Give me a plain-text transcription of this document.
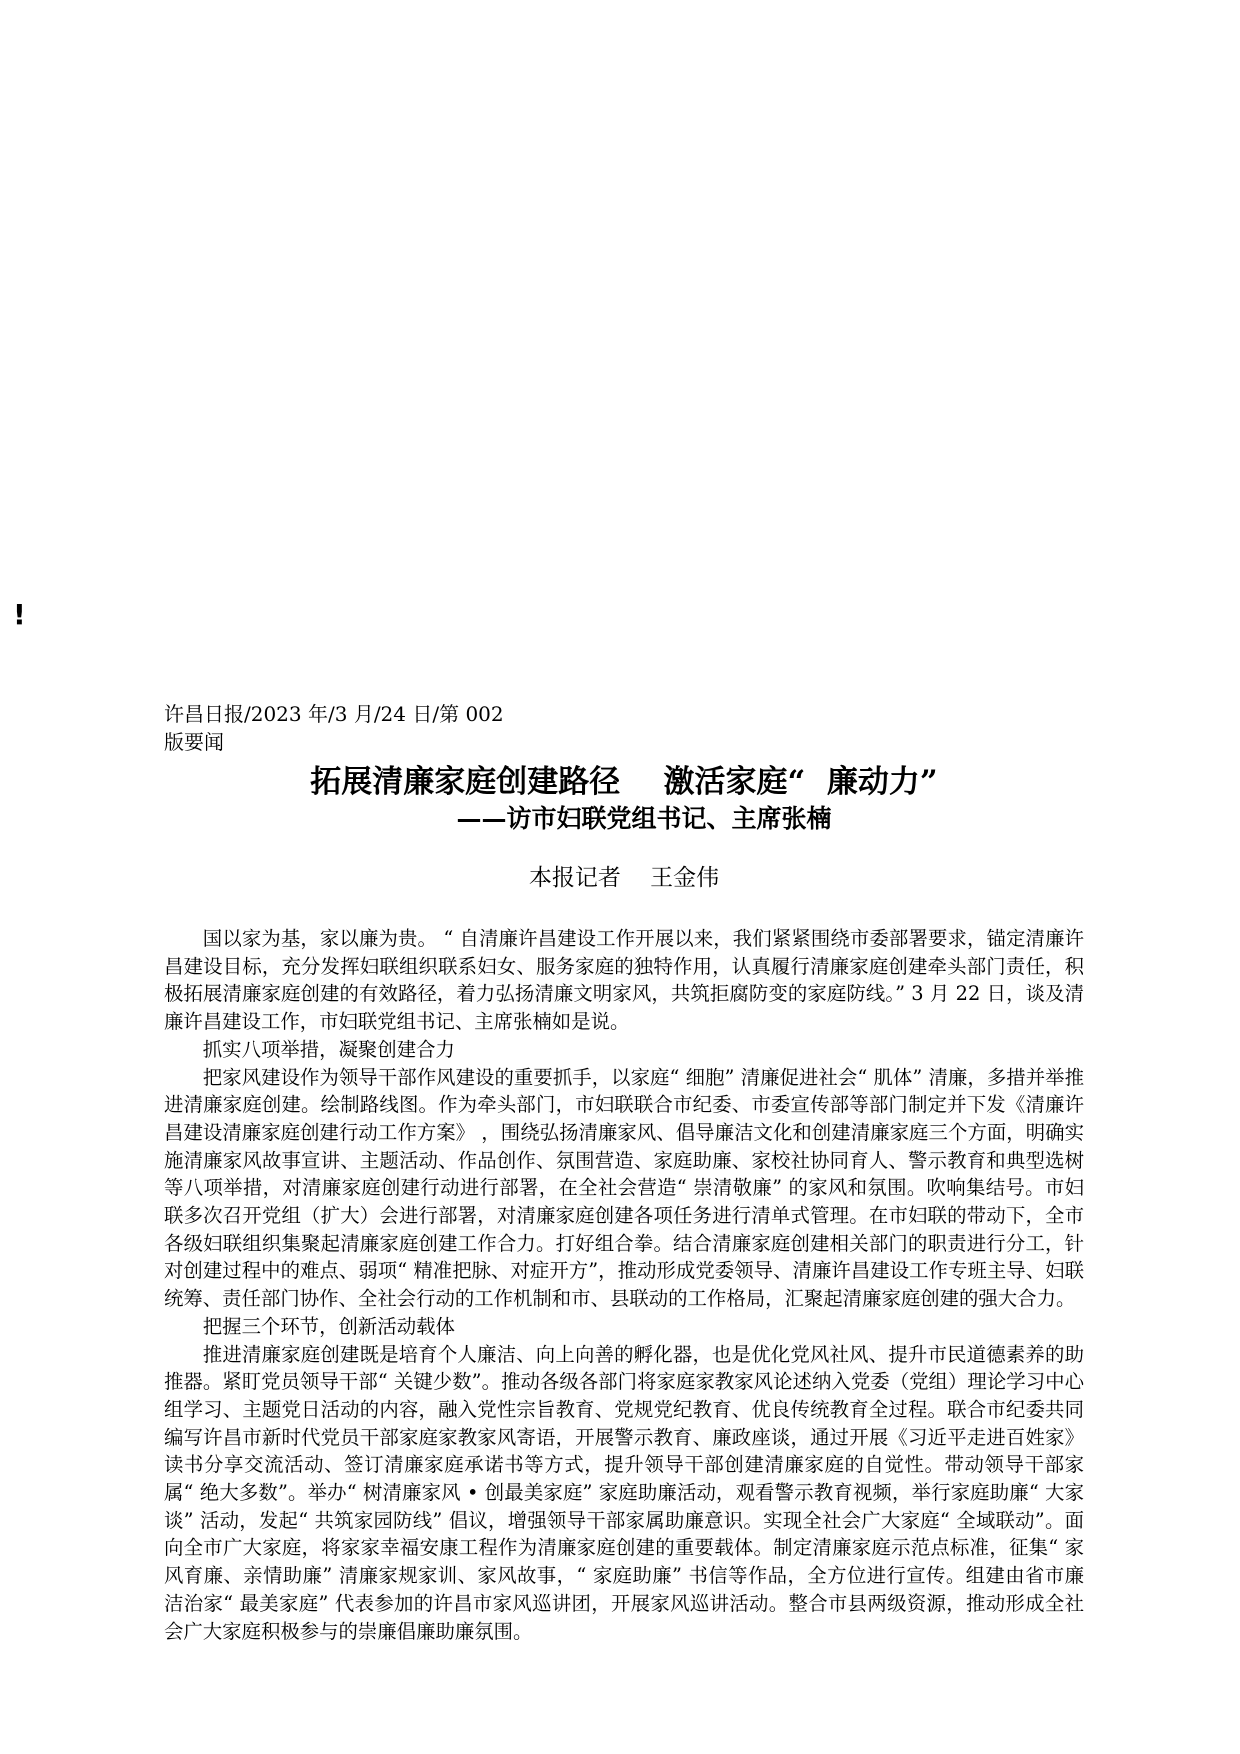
!
许昌日报/2023 年/3 月/24 日/第 002
版要闻
拓展清廉家庭创建路径    激活家庭“  廉动力”
——访市妇联党组书记、主席张楠
本报记者    王金伟

国以家为基，家以廉为贵。 “ 自清廉许昌建设工作开展以来，我们紧紧围绕市委部署要求，锚定清廉许昌建设目标，充分发挥妇联组织联系妇女、服务家庭的独特作用，认真履行清廉家庭创建牵头部门责任，积极拓展清廉家庭创建的有效路径，着力弘扬清廉文明家风，共筑拒腐防变的家庭防线。” 3 月 22 日，谈及清廉许昌建设工作，市妇联党组书记、主席张楠如是说。

抓实八项举措，凝聚创建合力

把家风建设作为领导干部作风建设的重要抓手，以家庭“ 细胞” 清廉促进社会“ 肌体” 清廉，多措并举推进清廉家庭创建。绘制路线图。作为牵头部门，市妇联联合市纪委、市委宣传部等部门制定并下发《清廉许昌建设清廉家庭创建行动工作方案》 ，围绕弘扬清廉家风、倡导廉洁文化和创建清廉家庭三个方面，明确实施清廉家风故事宣讲、主题活动、作品创作、氛围营造、家庭助廉、家校社协同育人、警示教育和典型选树等八项举措，对清廉家庭创建行动进行部署，在全社会营造“ 崇清敬廉” 的家风和氛围。吹响集结号。市妇联多次召开党组（扩大）会进行部署，对清廉家庭创建各项任务进行清单式管理。在市妇联的带动下，全市各级妇联组织集聚起清廉家庭创建工作合力。打好组合拳。结合清廉家庭创建相关部门的职责进行分工，针对创建过程中的难点、弱项“ 精准把脉、对症开方”，推动形成党委领导、清廉许昌建设工作专班主导、妇联统筹、责任部门协作、全社会行动的工作机制和市、县联动的工作格局，汇聚起清廉家庭创建的强大合力。

把握三个环节，创新活动载体

推进清廉家庭创建既是培育个人廉洁、向上向善的孵化器，也是优化党风社风、提升市民道德素养的助推器。紧盯党员领导干部“ 关键少数”。推动各级各部门将家庭家教家风论述纳入党委（党组）理论学习中心组学习、主题党日活动的内容，融入党性宗旨教育、党规党纪教育、优良传统教育全过程。联合市纪委共同编写许昌市新时代党员干部家庭家教家风寄语，开展警示教育、廉政座谈，通过开展《习近平走进百姓家》读书分享交流活动、签订清廉家庭承诺书等方式，提升领导干部创建清廉家庭的自觉性。带动领导干部家属“ 绝大多数”。举办“ 树清廉家风 • 创最美家庭” 家庭助廉活动，观看警示教育视频，举行家庭助廉“ 大家谈” 活动，发起“ 共筑家园防线” 倡议，增强领导干部家属助廉意识。实现全社会广大家庭“ 全域联动”。面向全市广大家庭，将家家幸福安康工程作为清廉家庭创建的重要载体。制定清廉家庭示范点标准，征集“ 家风育廉、亲情助廉” 清廉家规家训、家风故事，“ 家庭助廉” 书信等作品，全方位进行宣传。组建由省市廉洁治家“ 最美家庭” 代表参加的许昌市家风巡讲团，开展家风巡讲活动。整合市县两级资源，推动形成全社会广大家庭积极参与的崇廉倡廉助廉氛围。
